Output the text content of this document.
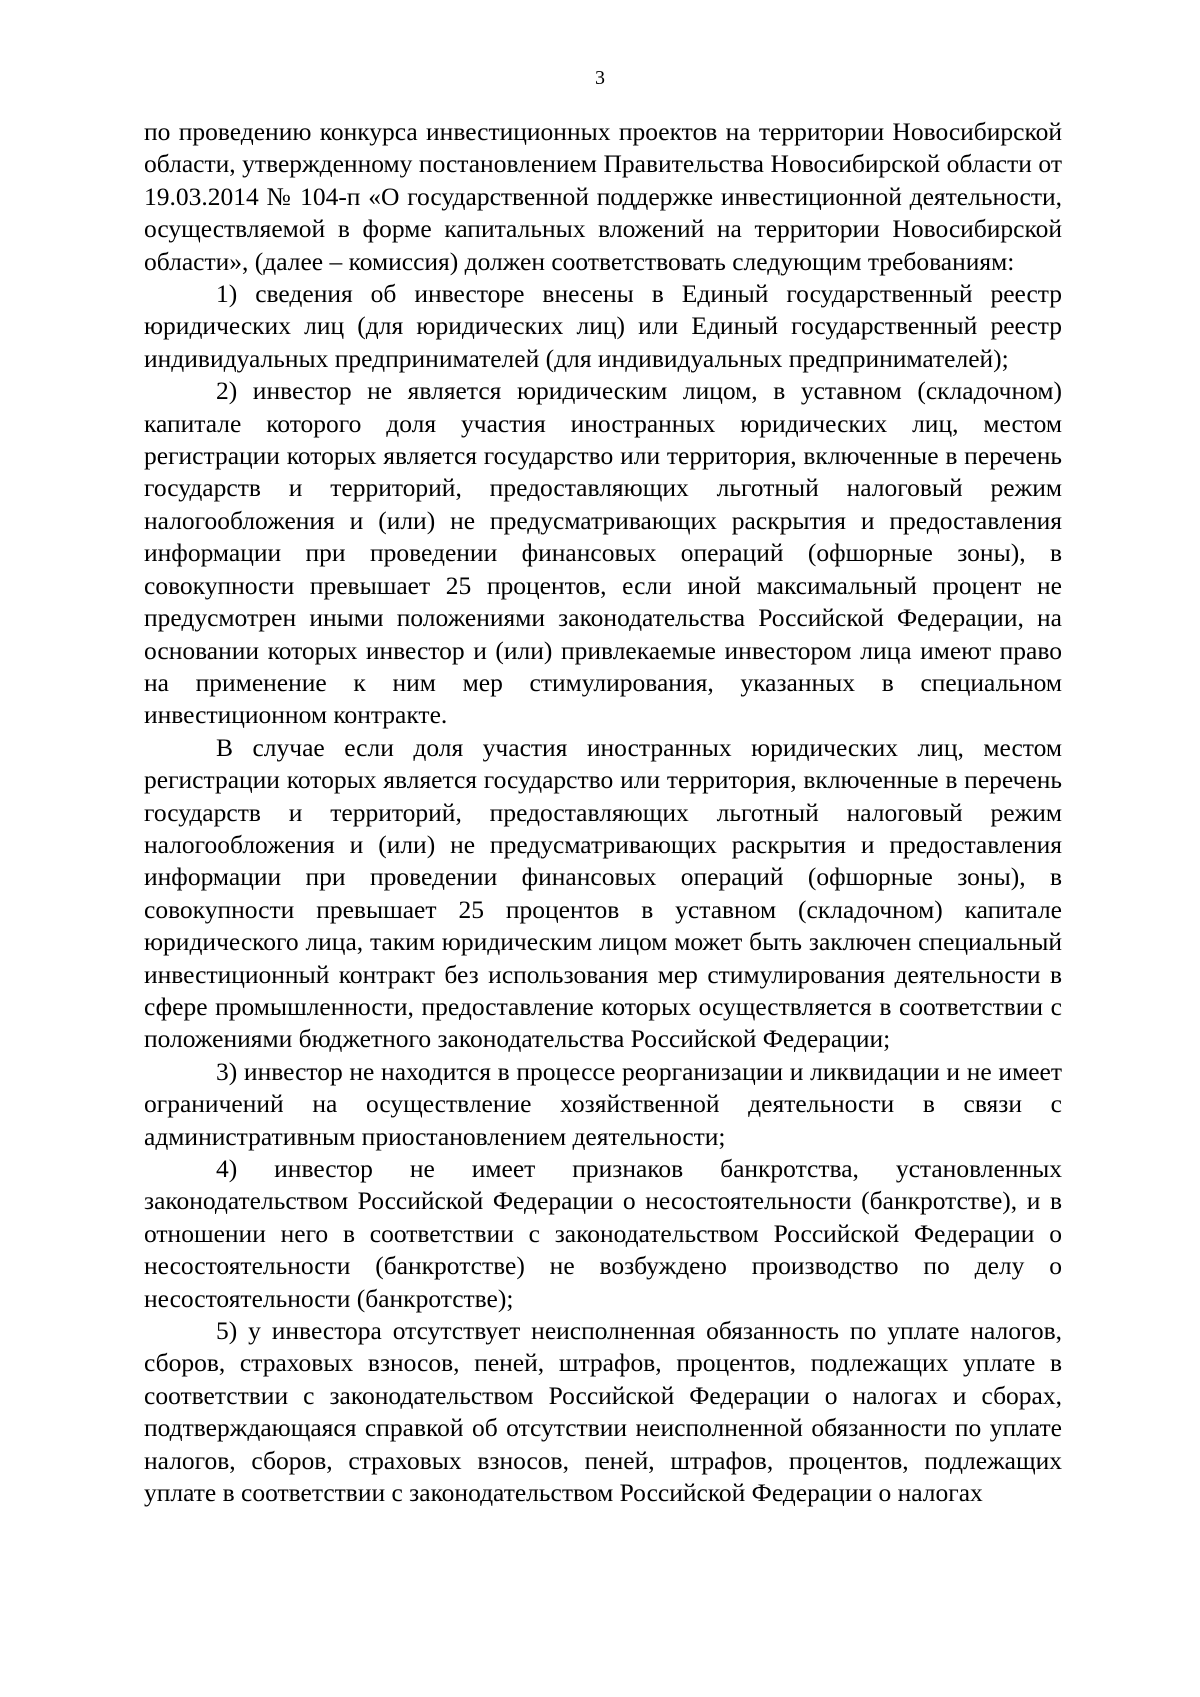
3

по проведению конкурса инвестиционных проектов на территории Новосибирской области, утвержденному постановлением Правительства Новосибирской области от 19.03.2014 № 104-п «О государственной поддержке инвестиционной деятельности, осуществляемой в форме капитальных вложений на территории Новосибирской области», (далее – комиссия) должен соответствовать следующим требованиям:

1) сведения об инвесторе внесены в Единый государственный реестр юридических лиц (для юридических лиц) или Единый государственный реестр индивидуальных предпринимателей (для индивидуальных предпринимателей);

2) инвестор не является юридическим лицом, в уставном (складочном) капитале которого доля участия иностранных юридических лиц, местом регистрации которых является государство или территория, включенные в перечень государств и территорий, предоставляющих льготный налоговый режим налогообложения и (или) не предусматривающих раскрытия и предоставления информации при проведении финансовых операций (офшорные зоны), в совокупности превышает 25 процентов, если иной максимальный процент не предусмотрен иными положениями законодательства Российской Федерации, на основании которых инвестор и (или) привлекаемые инвестором лица имеют право на применение к ним мер стимулирования, указанных в специальном инвестиционном контракте.

В случае если доля участия иностранных юридических лиц, местом регистрации которых является государство или территория, включенные в перечень государств и территорий, предоставляющих льготный налоговый режим налогообложения и (или) не предусматривающих раскрытия и предоставления информации при проведении финансовых операций (офшорные зоны), в совокупности превышает 25 процентов в уставном (складочном) капитале юридического лица, таким юридическим лицом может быть заключен специальный инвестиционный контракт без использования мер стимулирования деятельности в сфере промышленности, предоставление которых осуществляется в соответствии с положениями бюджетного законодательства Российской Федерации;

3) инвестор не находится в процессе реорганизации и ликвидации и не имеет ограничений на осуществление хозяйственной деятельности в связи с административным приостановлением деятельности;

4) инвестор не имеет признаков банкротства, установленных законодательством Российской Федерации о несостоятельности (банкротстве), и в отношении него в соответствии с законодательством Российской Федерации о несостоятельности (банкротстве) не возбуждено производство по делу о несостоятельности (банкротстве);

5) у инвестора отсутствует неисполненная обязанность по уплате налогов, сборов, страховых взносов, пеней, штрафов, процентов, подлежащих уплате в соответствии с законодательством Российской Федерации о налогах и сборах, подтверждающаяся справкой об отсутствии неисполненной обязанности по уплате налогов, сборов, страховых взносов, пеней, штрафов, процентов, подлежащих уплате в соответствии с законодательством Российской Федерации о налогах
